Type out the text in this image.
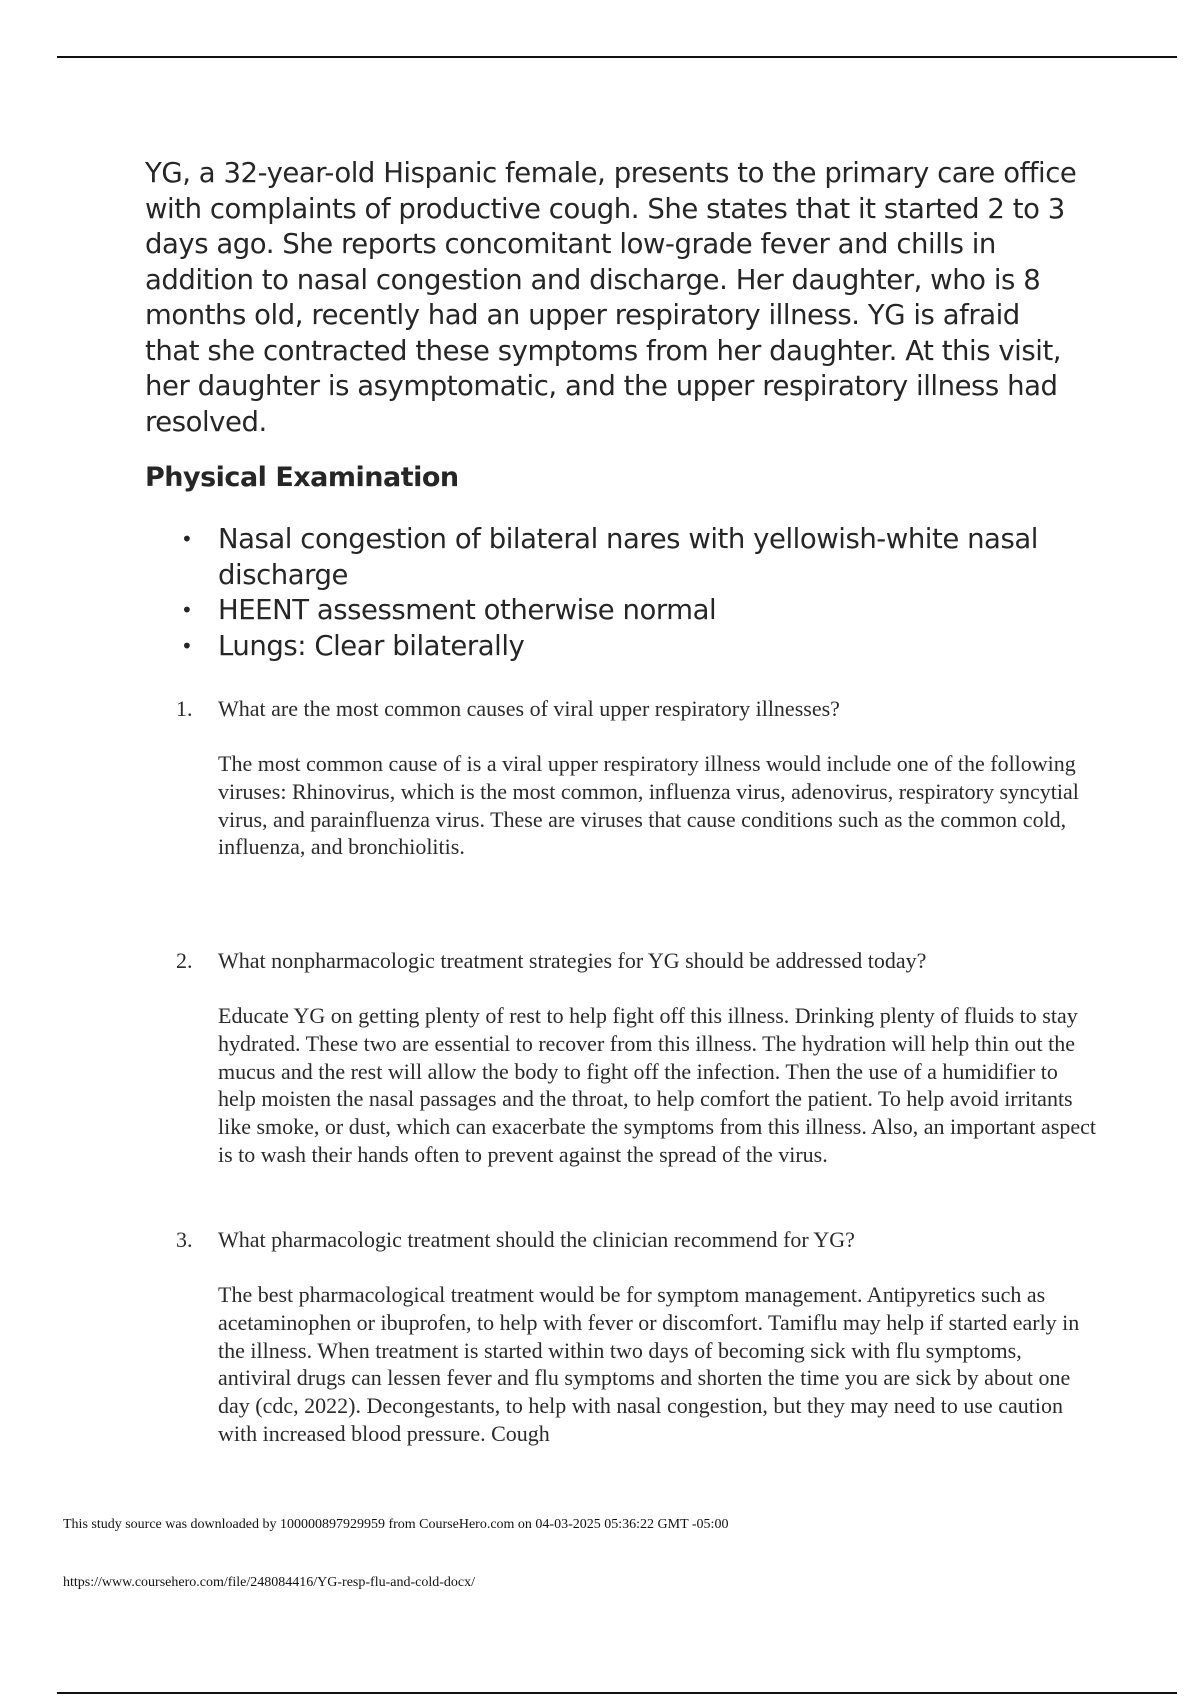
YG, a 32-year-old Hispanic female, presents to the primary care office with complaints of productive cough. She states that it started 2 to 3 days ago. She reports concomitant low-grade fever and chills in addition to nasal congestion and discharge. Her daughter, who is 8 months old, recently had an upper respiratory illness. YG is afraid that she contracted these symptoms from her daughter. At this visit, her daughter is asymptomatic, and the upper respiratory illness had resolved.

Physical Examination
• Nasal congestion of bilateral nares with yellowish-white nasal discharge
• HEENT assessment otherwise normal
• Lungs: Clear bilaterally

1. What are the most common causes of viral upper respiratory illnesses?

The most common cause of is a viral upper respiratory illness would include one of the following viruses: Rhinovirus, which is the most common, influenza virus, adenovirus, respiratory syncytial virus, and parainfluenza virus. These are viruses that cause conditions such as the common cold, influenza, and bronchiolitis.

2. What nonpharmacologic treatment strategies for YG should be addressed today?

Educate YG on getting plenty of rest to help fight off this illness. Drinking plenty of fluids to stay hydrated. These two are essential to recover from this illness. The hydration will help thin out the mucus and the rest will allow the body to fight off the infection. Then the use of a humidifier to help moisten the nasal passages and the throat, to help comfort the patient. To help avoid irritants like smoke, or dust, which can exacerbate the symptoms from this illness. Also, an important aspect is to wash their hands often to prevent against the spread of the virus.

3. What pharmacologic treatment should the clinician recommend for YG?

The best pharmacological treatment would be for symptom management. Antipyretics such as acetaminophen or ibuprofen, to help with fever or discomfort. Tamiflu may help if started early in the illness. When treatment is started within two days of becoming sick with flu symptoms, antiviral drugs can lessen fever and flu symptoms and shorten the time you are sick by about one day (cdc, 2022). Decongestants, to help with nasal congestion, but they may need to use caution with increased blood pressure. Cough

This study source was downloaded by 100000897929959 from CourseHero.com on 04-03-2025 05:36:22 GMT -05:00

https://www.coursehero.com/file/248084416/YG-resp-flu-and-cold-docx/
